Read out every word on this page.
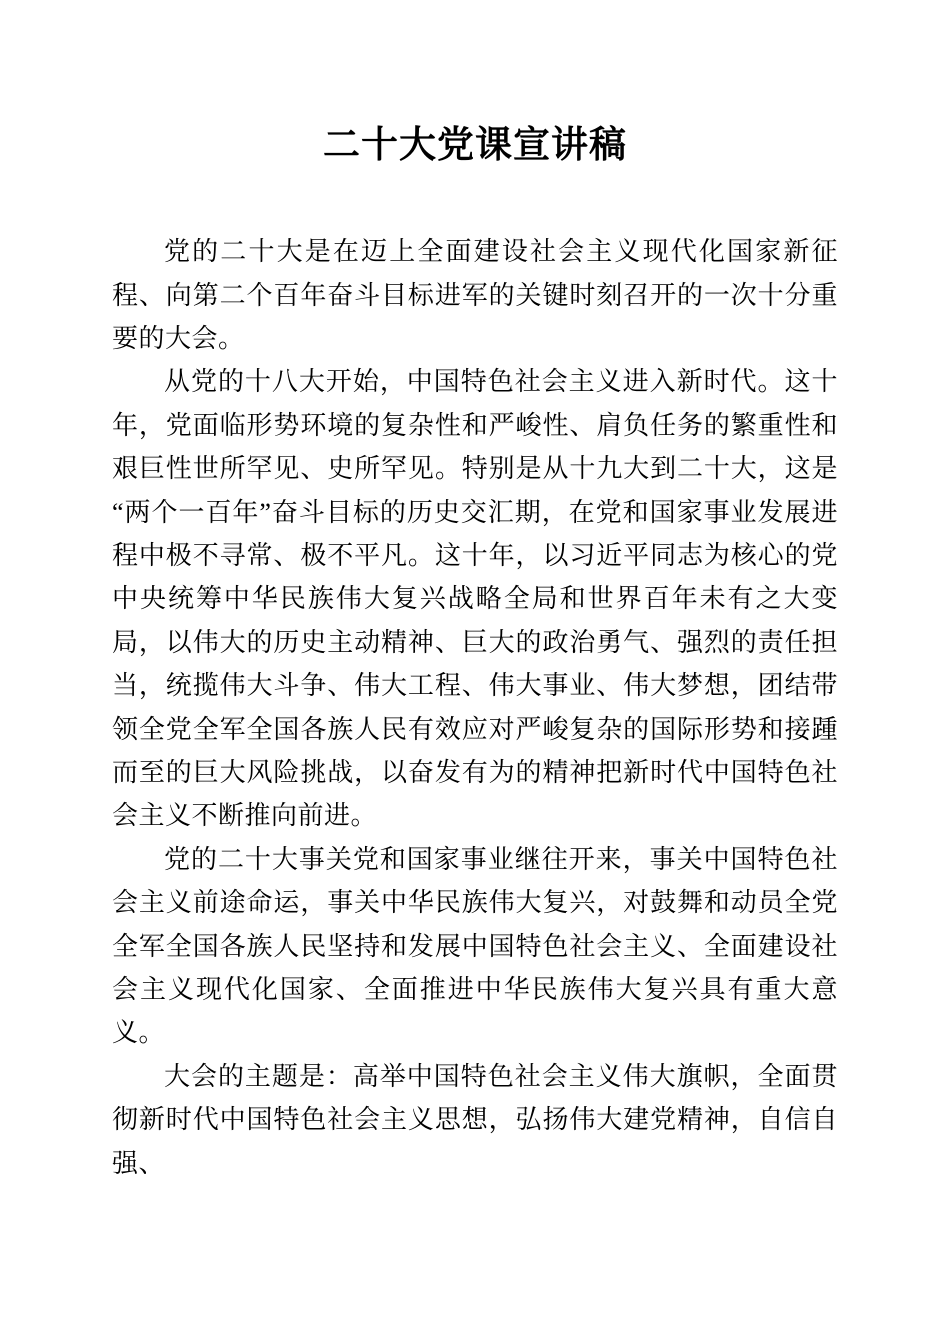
二十大党课宣讲稿

党的二十大是在迈上全面建设社会主义现代化国家新征程、向第二个百年奋斗目标进军的关键时刻召开的一次十分重要的大会。

从党的十八大开始，中国特色社会主义进入新时代。这十年，党面临形势环境的复杂性和严峻性、肩负任务的繁重性和艰巨性世所罕见、史所罕见。特别是从十九大到二十大，这是“两个一百年”奋斗目标的历史交汇期，在党和国家事业发展进程中极不寻常、极不平凡。这十年，以习近平同志为核心的党中央统筹中华民族伟大复兴战略全局和世界百年未有之大变局，以伟大的历史主动精神、巨大的政治勇气、强烈的责任担当，统揽伟大斗争、伟大工程、伟大事业、伟大梦想，团结带领全党全军全国各族人民有效应对严峻复杂的国际形势和接踵而至的巨大风险挑战，以奋发有为的精神把新时代中国特色社会主义不断推向前进。

党的二十大事关党和国家事业继往开来，事关中国特色社会主义前途命运，事关中华民族伟大复兴，对鼓舞和动员全党全军全国各族人民坚持和发展中国特色社会主义、全面建设社会主义现代化国家、全面推进中华民族伟大复兴具有重大意义。

大会的主题是：高举中国特色社会主义伟大旗帜，全面贯彻新时代中国特色社会主义思想，弘扬伟大建党精神，自信自强、
